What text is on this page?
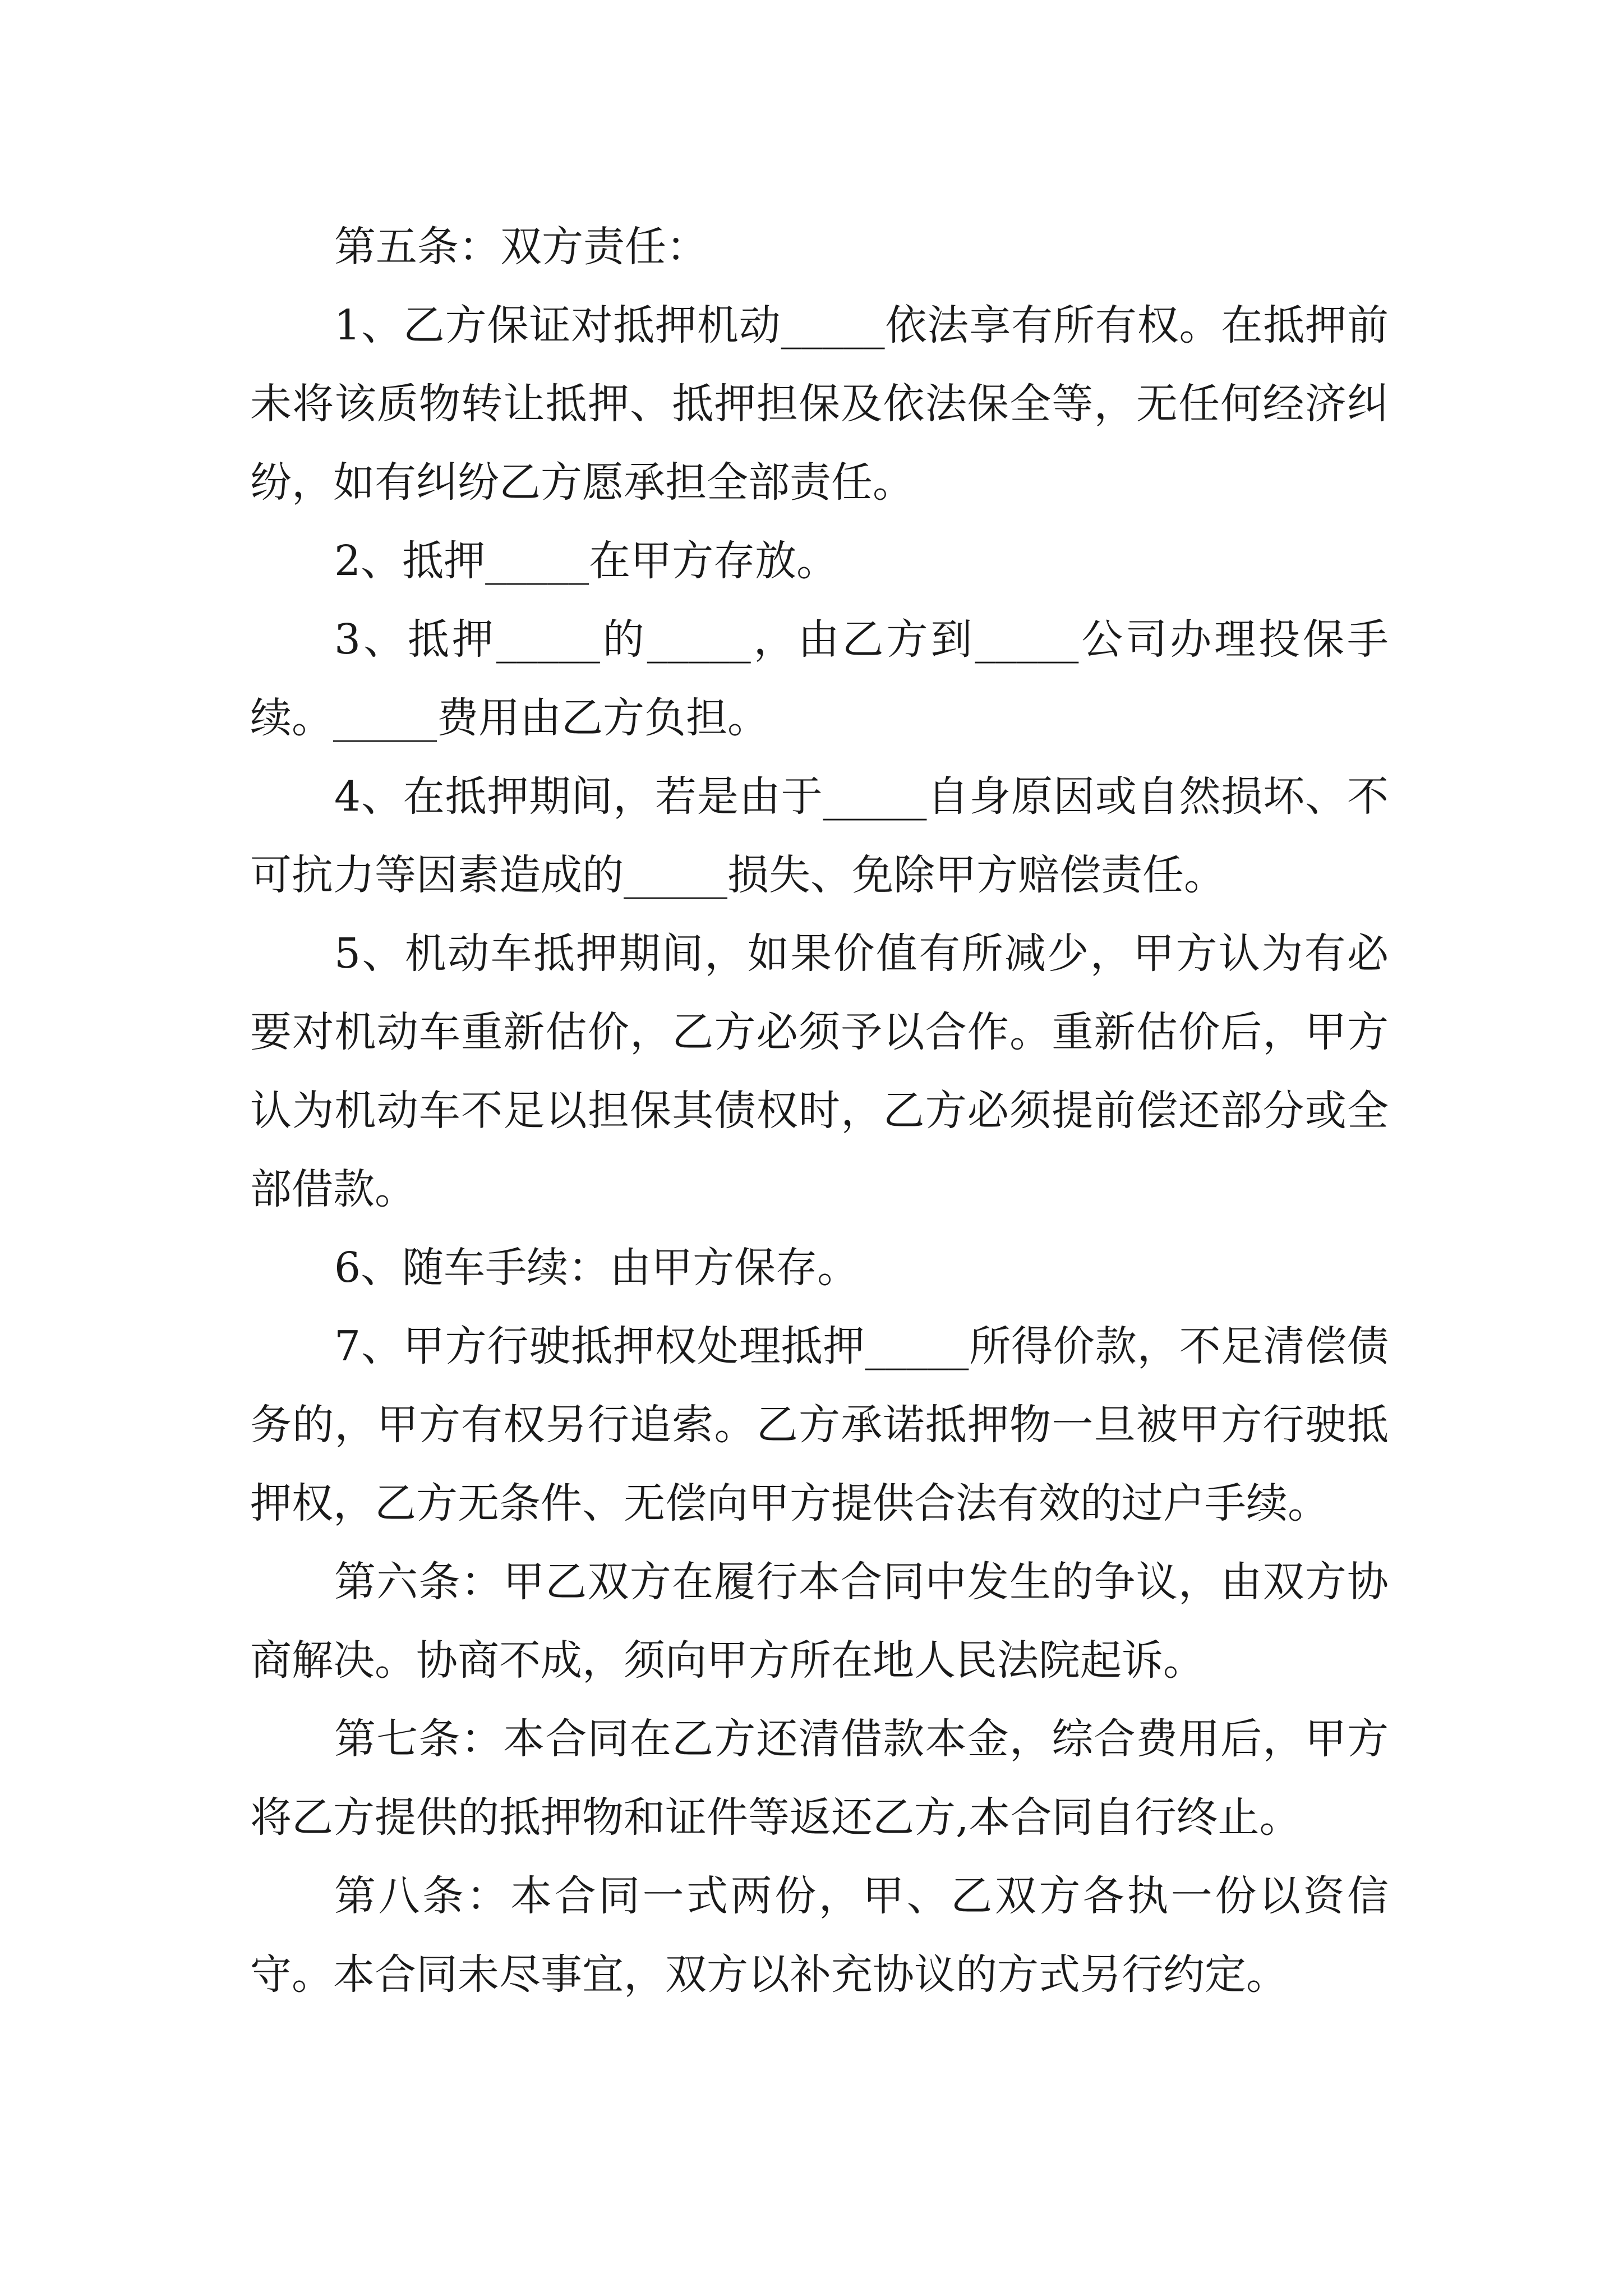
第五条：双方责任：

1、乙方保证对抵押机动_____依法享有所有权。在抵押前未将该质物转让抵押、抵押担保及依法保全等，无任何经济纠纷，如有纠纷乙方愿承担全部责任。

2、抵押_____在甲方存放。

3、抵押_____的_____，由乙方到_____公司办理投保手续。_____费用由乙方负担。

4、在抵押期间，若是由于_____自身原因或自然损坏、不可抗力等因素造成的_____损失、免除甲方赔偿责任。

5、机动车抵押期间，如果价值有所减少，甲方认为有必要对机动车重新估价，乙方必须予以合作。重新估价后，甲方认为机动车不足以担保其债权时，乙方必须提前偿还部分或全部借款。

6、随车手续：由甲方保存。

7、甲方行驶抵押权处理抵押_____所得价款，不足清偿债务的，甲方有权另行追索。乙方承诺抵押物一旦被甲方行驶抵押权，乙方无条件、无偿向甲方提供合法有效的过户手续。

第六条：甲乙双方在履行本合同中发生的争议，由双方协商解决。协商不成，须向甲方所在地人民法院起诉。

第七条：本合同在乙方还清借款本金，综合费用后，甲方将乙方提供的抵押物和证件等返还乙方,本合同自行终止。

第八条：本合同一式两份，甲、乙双方各执一份以资信守。本合同未尽事宜，双方以补充协议的方式另行约定。
